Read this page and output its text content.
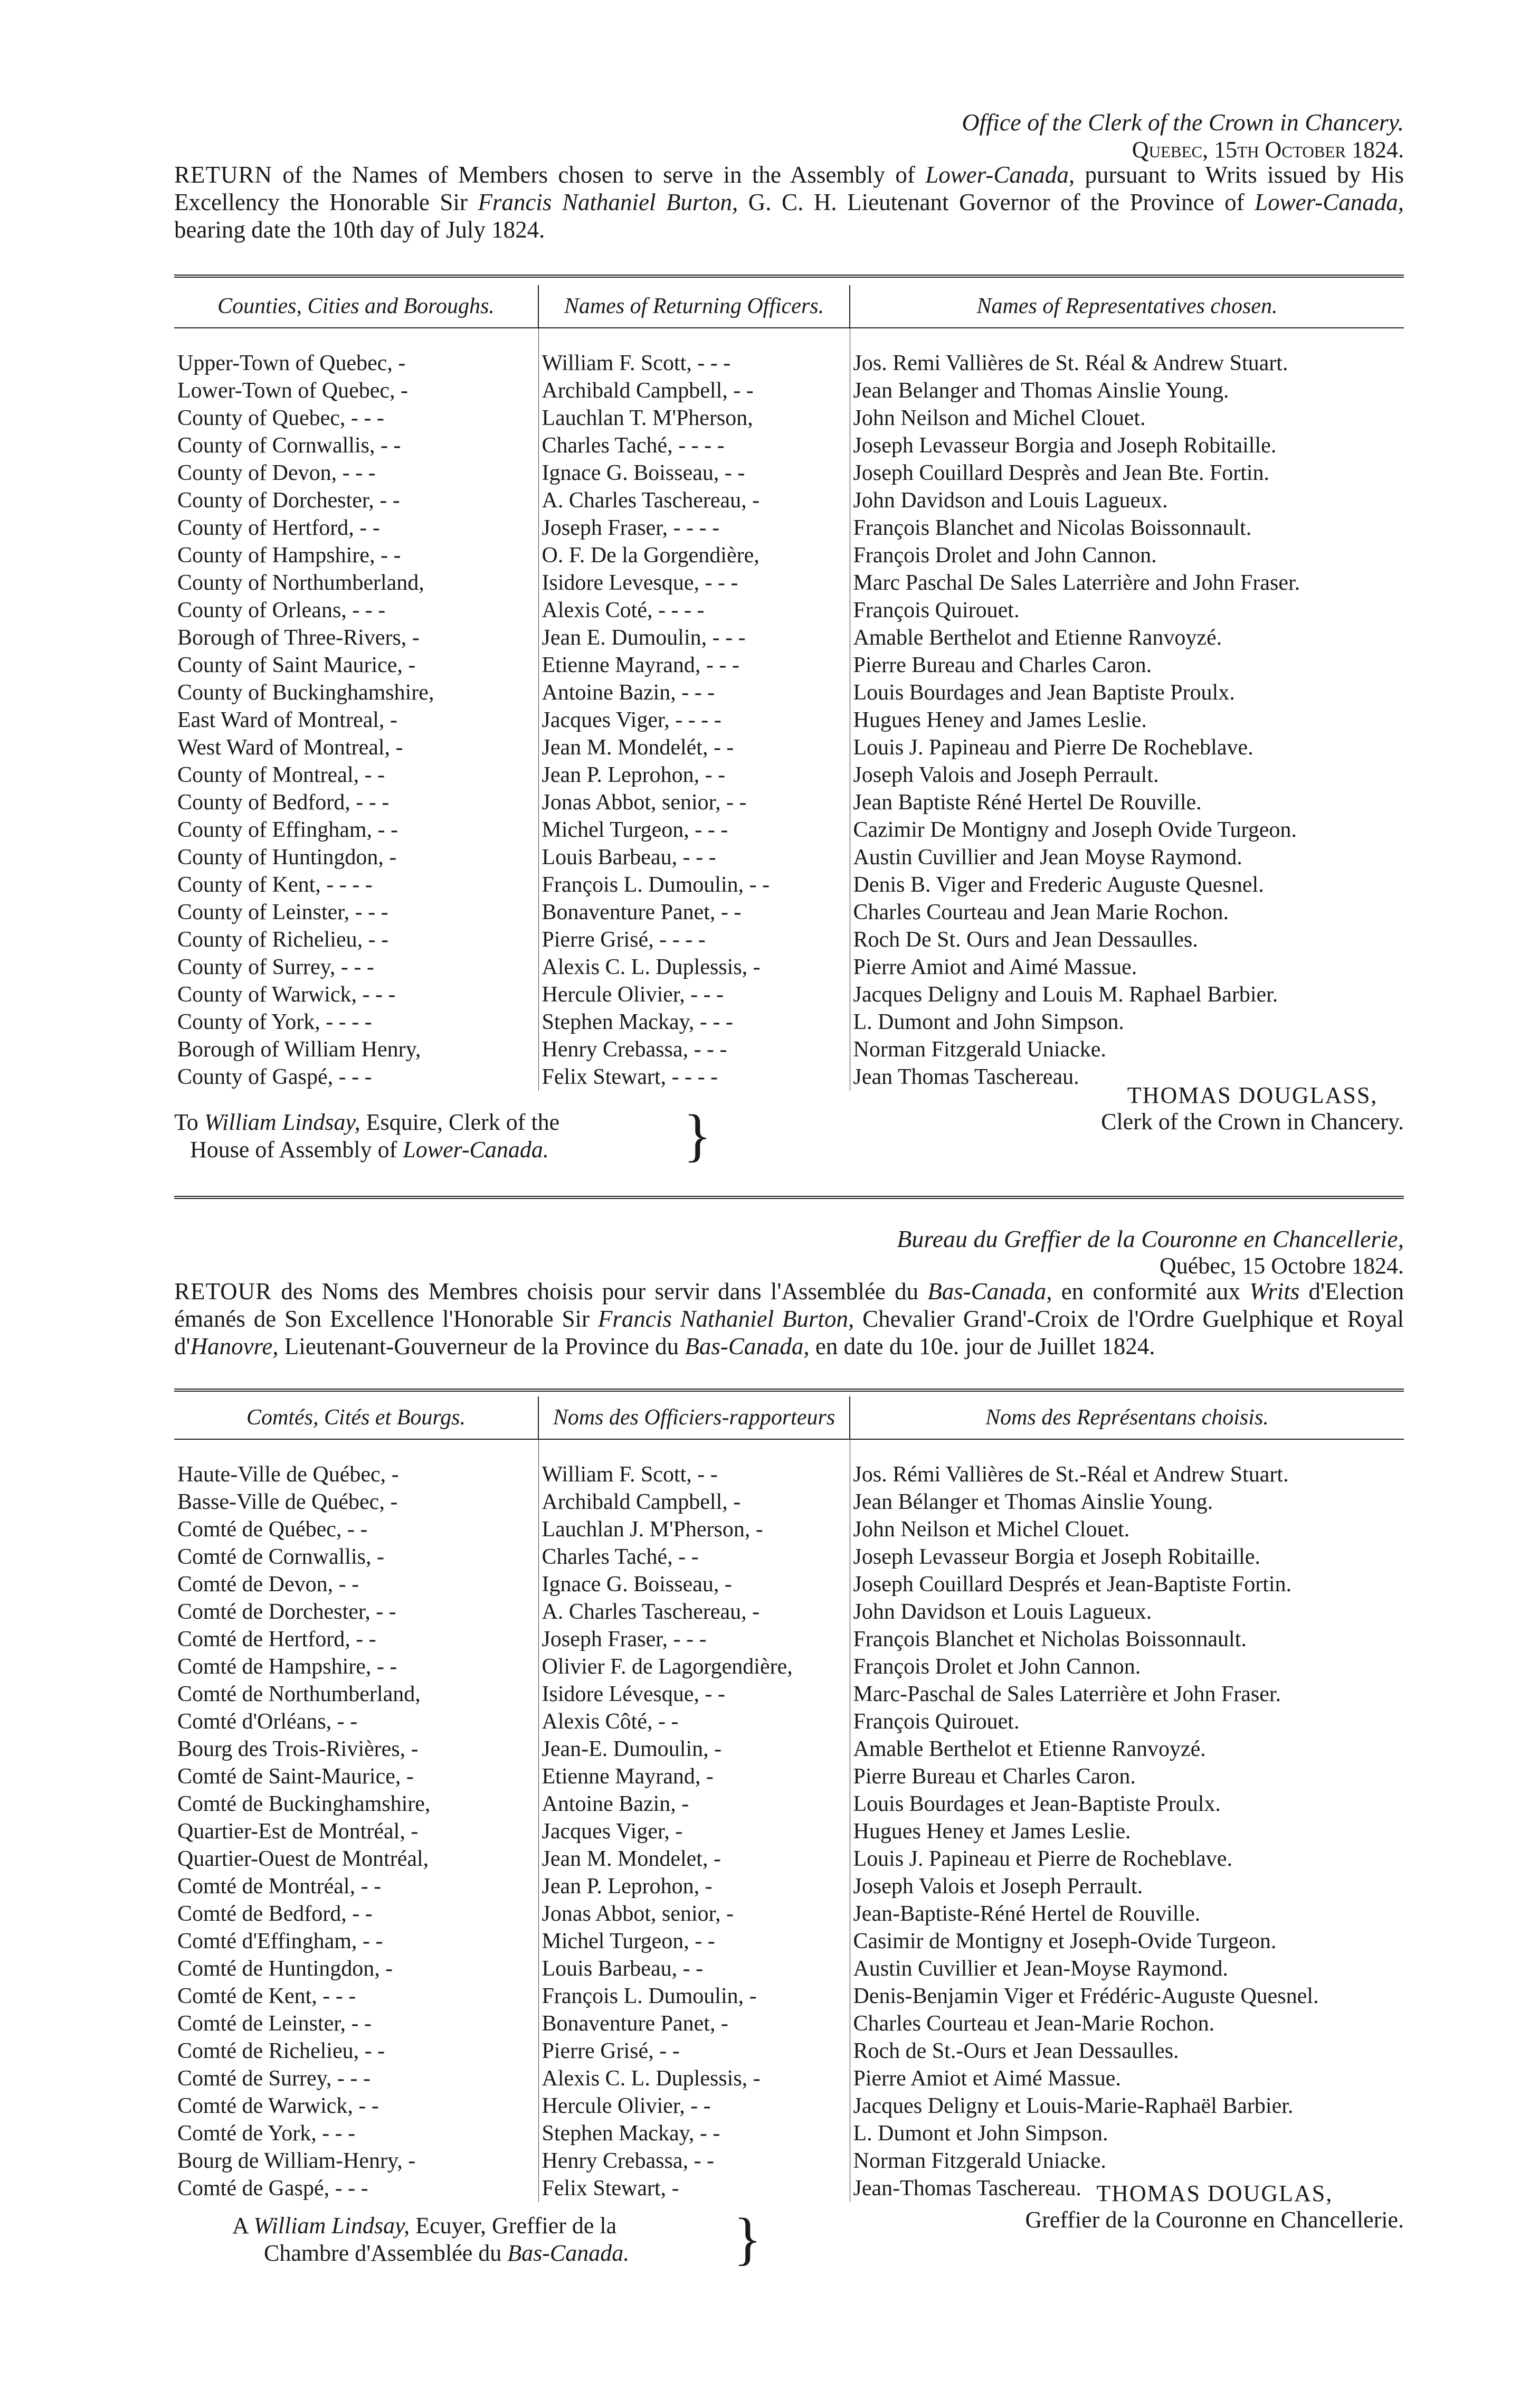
Office of the Clerk of the Crown in Chancery.
Quebec, 15th October 1824.
RETURN of the Names of Members chosen to serve in the Assembly of Lower-Canada, pursuant to Writs issued by His Excellency the Honorable Sir Francis Nathaniel Burton, G. C. H. Lieutenant Governor of the Province of Lower-Canada, bearing date the 10th day of July 1824.
Counties, Cities and Boroughs.	Names of Returning Officers.	Names of Representatives chosen.

Upper-Town of Quebec, -	William F. Scott, - - -	Jos. Remi Vallières de St. Réal & Andrew Stuart.
Lower-Town of Quebec, -	Archibald Campbell, - -	Jean Belanger and Thomas Ainslie Young.
County of Quebec, - - -	Lauchlan T. M'Pherson,	John Neilson and Michel Clouet.
County of Cornwallis, - -	Charles Taché, - - - -	Joseph Levasseur Borgia and Joseph Robitaille.
County of Devon, - - -	Ignace G. Boisseau, - -	Joseph Couillard Desprès and Jean Bte. Fortin.
County of Dorchester, - -	A. Charles Taschereau, -	John Davidson and Louis Lagueux.
County of Hertford, - -	Joseph Fraser, - - - -	François Blanchet and Nicolas Boissonnault.
County of Hampshire, - -	O. F. De la Gorgendière,	François Drolet and John Cannon.
County of Northumberland,	Isidore Levesque, - - -	Marc Paschal De Sales Laterrière and John Fraser.
County of Orleans, - - -	Alexis Coté, - - - -	François Quirouet.
Borough of Three-Rivers, -	Jean E. Dumoulin, - - -	Amable Berthelot and Etienne Ranvoyzé.
County of Saint Maurice, -	Etienne Mayrand, - - -	Pierre Bureau and Charles Caron.
County of Buckinghamshire,	Antoine Bazin, - - -	Louis Bourdages and Jean Baptiste Proulx.
East Ward of Montreal, -	Jacques Viger, - - - -	Hugues Heney and James Leslie.
West Ward of Montreal, -	Jean M. Mondelét, - -	Louis J. Papineau and Pierre De Rocheblave.
County of Montreal, - -	Jean P. Leprohon, - -	Joseph Valois and Joseph Perrault.
County of Bedford, - - -	Jonas Abbot, senior, - -	Jean Baptiste Réné Hertel De Rouville.
County of Effingham, - -	Michel Turgeon, - - -	Cazimir De Montigny and Joseph Ovide Turgeon.
County of Huntingdon, -	Louis Barbeau, - - -	Austin Cuvillier and Jean Moyse Raymond.
County of Kent, - - - -	François L. Dumoulin, - -	Denis B. Viger and Frederic Auguste Quesnel.
County of Leinster, - - -	Bonaventure Panet, - -	Charles Courteau and Jean Marie Rochon.
County of Richelieu, - -	Pierre Grisé, - - - -	Roch De St. Ours and Jean Dessaulles.
County of Surrey, - - -	Alexis C. L. Duplessis, -	Pierre Amiot and Aimé Massue.
County of Warwick, - - -	Hercule Olivier, - - -	Jacques Deligny and Louis M. Raphael Barbier.
County of York, - - - -	Stephen Mackay, - - -	L. Dumont and John Simpson.
Borough of William Henry,	Henry Crebassa, - - -	Norman Fitzgerald Uniacke.
County of Gaspé, - - -	Felix Stewart, - - - -	Jean Thomas Taschereau.
THOMAS DOUGLASS,
Clerk of the Crown in Chancery.
To William Lindsay, Esquire, Clerk of the
House of Assembly of Lower-Canada. }
Bureau du Greffier de la Couronne en Chancellerie,
Québec, 15 Octobre 1824.
RETOUR des Noms des Membres choisis pour servir dans l'Assemblée du Bas-Canada, en conformité aux Writs d'Election émanés de Son Excellence l'Honorable Sir Francis Nathaniel Burton, Chevalier Grand'-Croix de l'Ordre Guelphique et Royal d'Hanovre, Lieutenant-Gouverneur de la Province du Bas-Canada, en date du 10e. jour de Juillet 1824.
Comtés, Cités et Bourgs.	Noms des Officiers-rapporteurs	Noms des Représentans choisis.

Haute-Ville de Québec, -	William F. Scott, - -	Jos. Rémi Vallières de St.-Réal et Andrew Stuart.
Basse-Ville de Québec, -	Archibald Campbell, -	Jean Bélanger et Thomas Ainslie Young.
Comté de Québec, - -	Lauchlan J. M'Pherson, -	John Neilson et Michel Clouet.
Comté de Cornwallis, -	Charles Taché, - -	Joseph Levasseur Borgia et Joseph Robitaille.
Comté de Devon, - -	Ignace G. Boisseau, -	Joseph Couillard Després et Jean-Baptiste Fortin.
Comté de Dorchester, - -	A. Charles Taschereau, -	John Davidson et Louis Lagueux.
Comté de Hertford, - -	Joseph Fraser, - - -	François Blanchet et Nicholas Boissonnault.
Comté de Hampshire, - -	Olivier F. de Lagorgendière,	François Drolet et John Cannon.
Comté de Northumberland,	Isidore Lévesque, - -	Marc-Paschal de Sales Laterrière et John Fraser.
Comté d'Orléans, - -	Alexis Côté, - -	François Quirouet.
Bourg des Trois-Rivières, -	Jean-E. Dumoulin, -	Amable Berthelot et Etienne Ranvoyzé.
Comté de Saint-Maurice, -	Etienne Mayrand, -	Pierre Bureau et Charles Caron.
Comté de Buckinghamshire,	Antoine Bazin, -	Louis Bourdages et Jean-Baptiste Proulx.
Quartier-Est de Montréal, -	Jacques Viger, -	Hugues Heney et James Leslie.
Quartier-Ouest de Montréal,	Jean M. Mondelet, -	Louis J. Papineau et Pierre de Rocheblave.
Comté de Montréal, - -	Jean P. Leprohon, -	Joseph Valois et Joseph Perrault.
Comté de Bedford, - -	Jonas Abbot, senior, -	Jean-Baptiste-Réné Hertel de Rouville.
Comté d'Effingham, - -	Michel Turgeon, - -	Casimir de Montigny et Joseph-Ovide Turgeon.
Comté de Huntingdon, -	Louis Barbeau, - -	Austin Cuvillier et Jean-Moyse Raymond.
Comté de Kent, - - -	François L. Dumoulin, -	Denis-Benjamin Viger et Frédéric-Auguste Quesnel.
Comté de Leinster, - -	Bonaventure Panet, -	Charles Courteau et Jean-Marie Rochon.
Comté de Richelieu, - -	Pierre Grisé, - -	Roch de St.-Ours et Jean Dessaulles.
Comté de Surrey, - - -	Alexis C. L. Duplessis, -	Pierre Amiot et Aimé Massue.
Comté de Warwick, - -	Hercule Olivier, - -	Jacques Deligny et Louis-Marie-Raphaël Barbier.
Comté de York, - - -	Stephen Mackay, - -	L. Dumont et John Simpson.
Bourg de William-Henry, -	Henry Crebassa, - -	Norman Fitzgerald Uniacke.
Comté de Gaspé, - - -	Felix Stewart, -	Jean-Thomas Taschereau. THOMAS DOUGLAS,
Greffier de la Couronne en Chancellerie.
A William Lindsay, Ecuyer, Greffier de la
Chambre d'Assemblée du Bas-Canada. }
